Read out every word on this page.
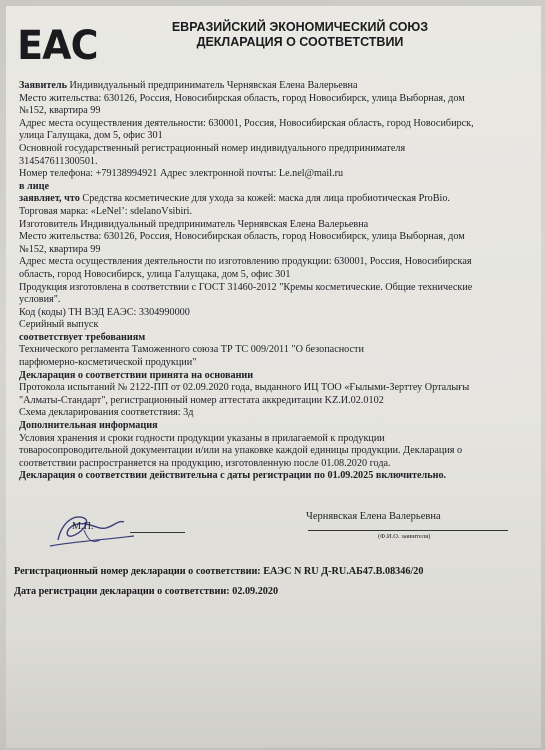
ЕАС	ЕВРАЗИЙСКИЙ ЭКОНОМИЧЕСКИЙ СОЮЗ
ДЕКЛАРАЦИЯ О СООТВЕТСТВИИ
Заявитель Индивидуальный предприниматель Чернявская Елена Валерьевна
Место жительства: 630126, Россия, Новосибирская область, город Новосибирск, улица Выборная, дом
№152, квартира 99
Адрес места осуществления деятельности: 630001, Россия, Новосибирская область, город Новосибирск,
улица Галущака, дом 5, офис 301
Основной государственный регистрационный номер индивидуального предпринимателя
314547611300501.
Номер телефона: +79138994921 Адрес электронной почты: Le.nel@mail.ru
в лице
заявляет, что Средства косметические для ухода за кожей: маска для лица пробиотическая ProBio.
Торговая марка: «LeNel’: sdelanoVsibiri.
Изготовитель Индивидуальный предприниматель Чернявская Елена Валерьевна
Место жительства: 630126, Россия, Новосибирская область, город Новосибирск, улица Выборная, дом
№152, квартира 99
Адрес места осуществления деятельности по изготовлению продукции: 630001, Россия, Новосибирская
область, город Новосибирск, улица Галущака, дом 5, офис 301
Продукция изготовлена в соответствии с ГОСТ 31460-2012 "Кремы косметические. Общие технические
условия".
Код (коды) ТН ВЭД ЕАЭС: 3304990000
Серийный выпуск
соответствует требованиям
Технического регламента Таможенного союза ТР ТС 009/2011 "О безопасности
парфюмерно-косметической продукции"
Декларация о соответствии принята на основании
Протокола испытаний № 2122-ПП от 02.09.2020 года, выданного ИЦ ТОО «Ғылыми-Зерттеу Орталығы
"Алматы-Стандарт", регистрационный номер аттестата аккредитации KZ.И.02.0102
Схема декларирования соответствия: 3д
Дополнительная информация
Условия хранения и сроки годности продукции указаны в прилагаемой к продукции
товаросопроводительной документации и/или на упаковке каждой единицы продукции. Декларация о
соответствии распространяется на продукцию, изготовленную после 01.08.2020 года.
Декларация о соответствии действительна с даты регистрации по 01.09.2025 включительно.
М.П.
Чернявская Елена Валерьевна
(Ф.И.О. заявителя)
Регистрационный номер декларации о соответствии: ЕАЭС N RU Д-RU.АБ47.В.08346/20
Дата регистрации декларации о соответствии: 02.09.2020
